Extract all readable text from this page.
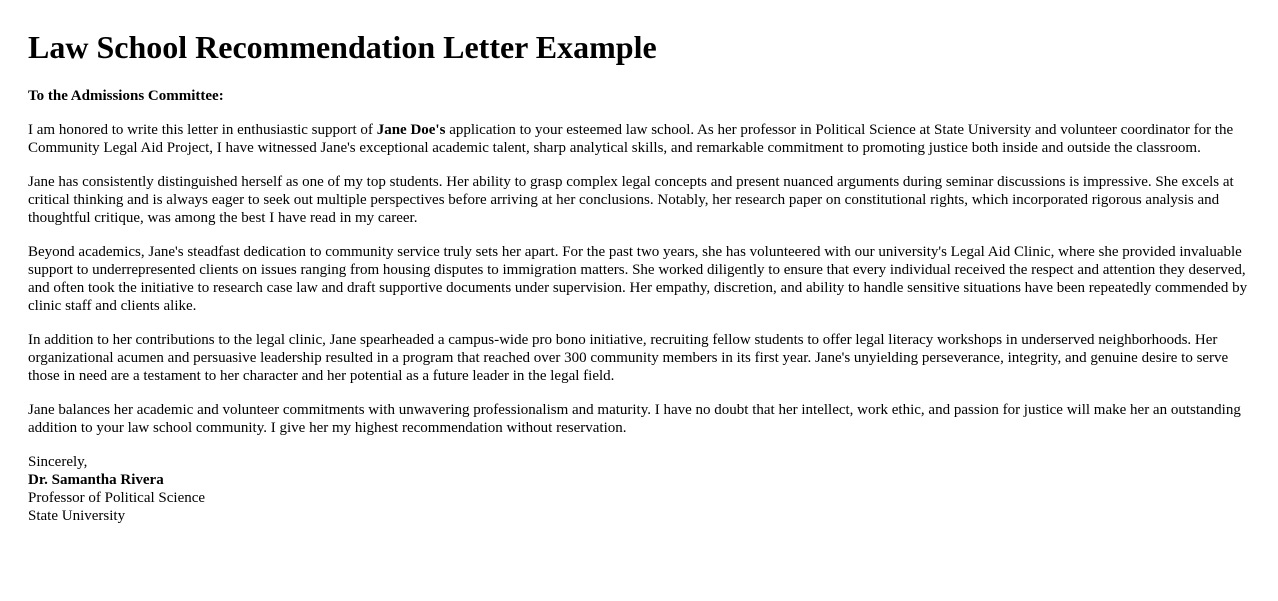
Law School Recommendation Letter Example
To the Admissions Committee:

I am honored to write this letter in enthusiastic support of Jane Doe's application to your esteemed law school. As her professor in Political Science at State University and volunteer coordinator for the Community Legal Aid Project, I have witnessed Jane's exceptional academic talent, sharp analytical skills, and remarkable commitment to promoting justice both inside and outside the classroom.

Jane has consistently distinguished herself as one of my top students. Her ability to grasp complex legal concepts and present nuanced arguments during seminar discussions is impressive. She excels at critical thinking and is always eager to seek out multiple perspectives before arriving at her conclusions. Notably, her research paper on constitutional rights, which incorporated rigorous analysis and thoughtful critique, was among the best I have read in my career.

Beyond academics, Jane's steadfast dedication to community service truly sets her apart. For the past two years, she has volunteered with our university's Legal Aid Clinic, where she provided invaluable support to underrepresented clients on issues ranging from housing disputes to immigration matters. She worked diligently to ensure that every individual received the respect and attention they deserved, and often took the initiative to research case law and draft supportive documents under supervision. Her empathy, discretion, and ability to handle sensitive situations have been repeatedly commended by clinic staff and clients alike.

In addition to her contributions to the legal clinic, Jane spearheaded a campus-wide pro bono initiative, recruiting fellow students to offer legal literacy workshops in underserved neighborhoods. Her organizational acumen and persuasive leadership resulted in a program that reached over 300 community members in its first year. Jane's unyielding perseverance, integrity, and genuine desire to serve those in need are a testament to her character and her potential as a future leader in the legal field.

Jane balances her academic and volunteer commitments with unwavering professionalism and maturity. I have no doubt that her intellect, work ethic, and passion for justice will make her an outstanding addition to your law school community. I give her my highest recommendation without reservation.

Sincerely,
Dr. Samantha Rivera
Professor of Political Science
State University
